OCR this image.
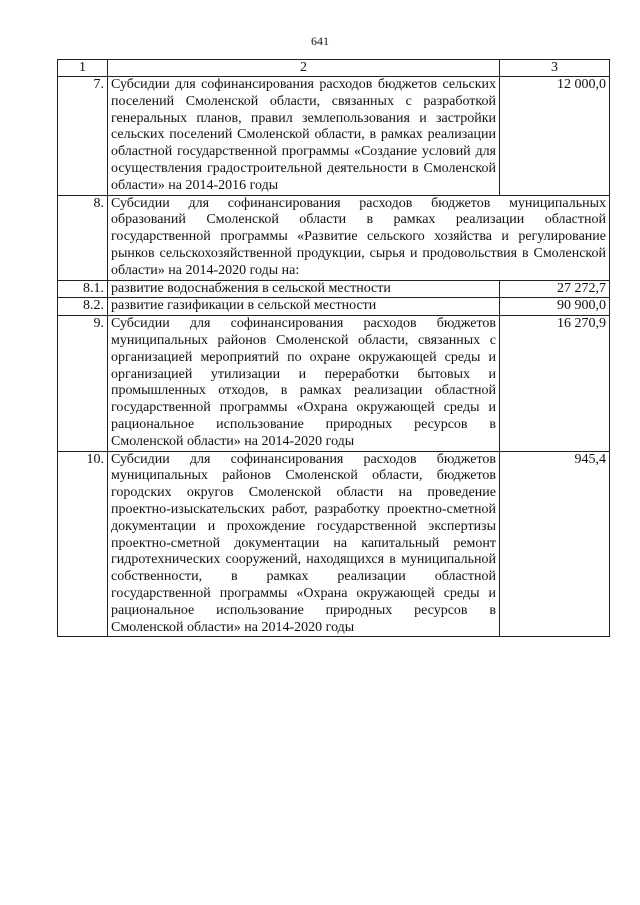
641
1	2	3
7.	Субсидии для софинансирования расходов бюджетов сельских поселений Смоленской области, связанных с разработкой генеральных планов, правил землепользования и застройки сельских поселений Смоленской области, в рамках реализации областной государственной программы «Создание условий для осуществления градостроительной деятельности в Смоленской области» на 2014-2016 годы	12 000,0
8.	Субсидии для софинансирования расходов бюджетов муниципальных образований Смоленской области в рамках реализации областной государственной программы «Развитие сельского хозяйства и регулирование рынков сельскохозяйственной продукции, сырья и продовольствия в Смоленской области» на 2014-2020 годы на:	
8.1.	развитие водоснабжения в сельской местности	27 272,7
8.2.	развитие газификации в сельской местности	90 900,0
9.	Субсидии для софинансирования расходов бюджетов муниципальных районов Смоленской области, связанных с организацией мероприятий по охране окружающей среды и организацией утилизации и переработки бытовых и промышленных отходов, в рамках реализации областной государственной программы «Охрана окружающей среды и рациональное использование природных ресурсов в Смоленской области» на 2014-2020 годы	16 270,9
10.	Субсидии для софинансирования расходов бюджетов муниципальных районов Смоленской области, бюджетов городских округов Смоленской области на проведение проектно-изыскательских работ, разработку проектно-сметной документации и прохождение государственной экспертизы проектно-сметной документации на капитальный ремонт гидротехнических сооружений, находящихся в муниципальной собственности, в рамках реализации областной государственной программы «Охрана окружающей среды и рациональное использование природных ресурсов в Смоленской области» на 2014-2020 годы	945,4
